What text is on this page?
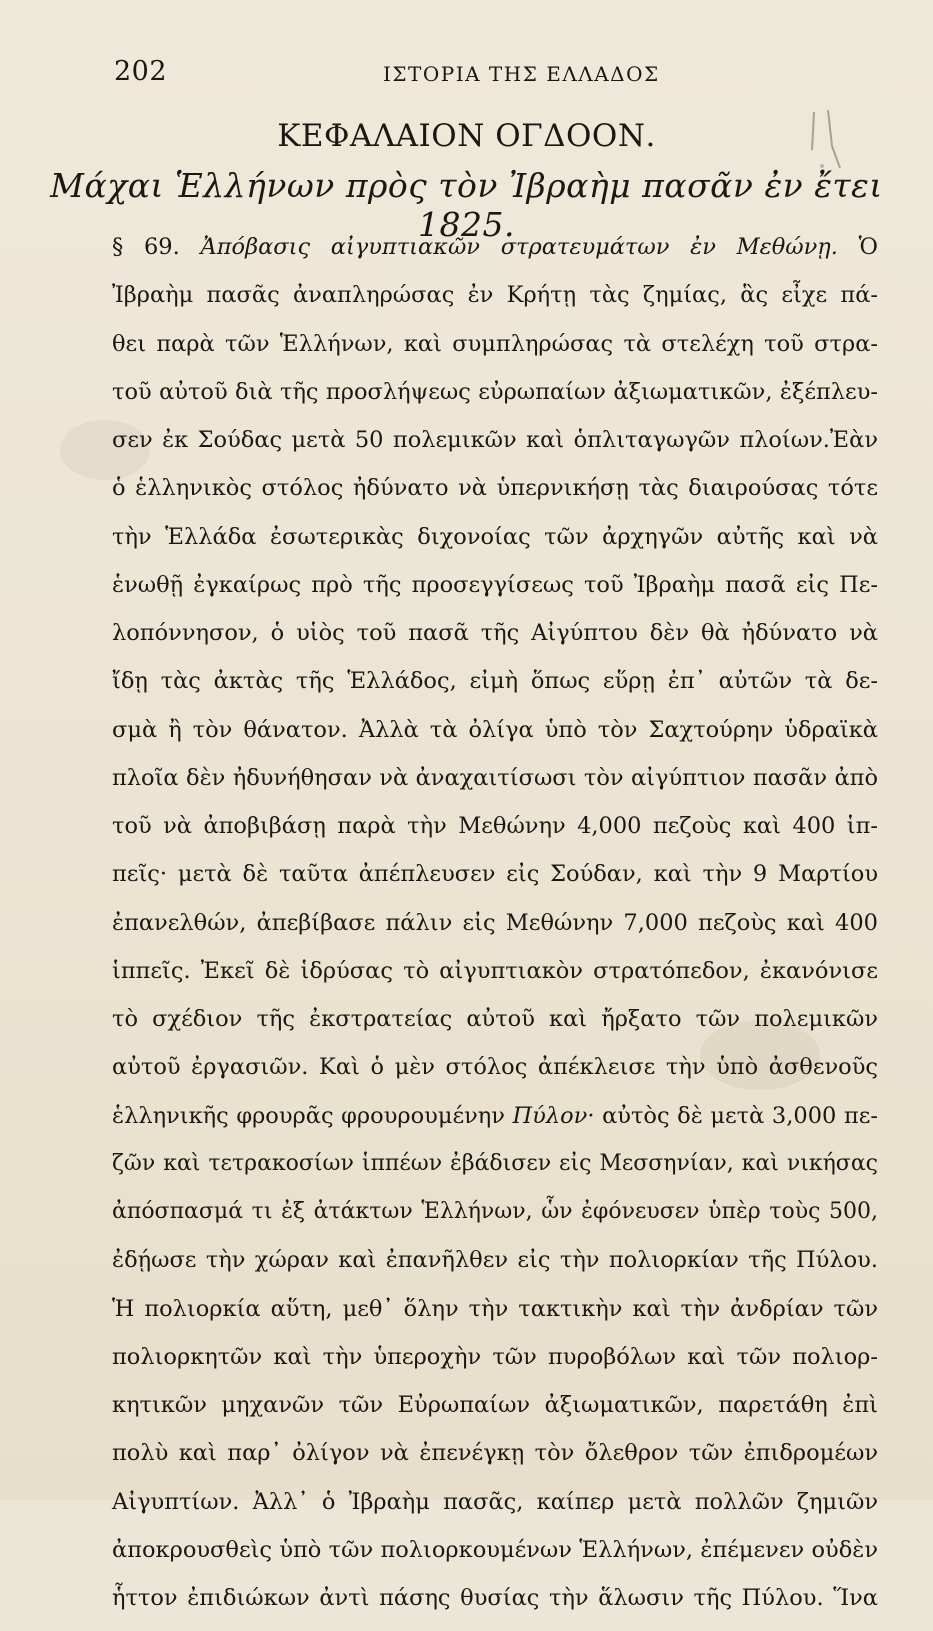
202	ΙΣΤΟΡΙΑ ΤΗΣ ΕΛΛΑΔΟΣ
ΚΕΦΑΛΑΙΟΝ ΟΓΔΟΟΝ.
Μάχαι Ἑλλήνων πρὸς τὸν Ἰβραὴμ πασᾶν ἐν ἔτει 1825.
§ 69. Ἀπόβασις αἰγυπτιακῶν στρατευμάτων ἐν Μεθώνῃ. Ὁ
Ἰβραὴμ πασᾶς ἀναπληρώσας ἐν Κρήτῃ τὰς ζημίας, ἃς εἶχε πά-
θει παρὰ τῶν Ἑλλήνων, καὶ συμπληρώσας τὰ στελέχη τοῦ στρα-
τοῦ αὐτοῦ διὰ τῆς προσλήψεως εὐρωπαίων ἀξιωματικῶν, ἐξέπλευ-
σεν ἐκ Σούδας μετὰ 50 πολεμικῶν καὶ ὁπλιταγωγῶν πλοίων.Ἐὰν
ὁ ἑλληνικὸς στόλος ἠδύνατο νὰ ὑπερνικήσῃ τὰς διαιρούσας τότε
τὴν Ἑλλάδα ἐσωτερικὰς διχονοίας τῶν ἀρχηγῶν αὐτῆς καὶ νὰ
ἑνωθῇ ἐγκαίρως πρὸ τῆς προσεγγίσεως τοῦ Ἰβραὴμ πασᾶ εἰς Πε-
λοπόννησον, ὁ υἱὸς τοῦ πασᾶ τῆς Αἰγύπτου δὲν θὰ ἠδύνατο νὰ
ἴδῃ τὰς ἀκτὰς τῆς Ἑλλάδος, εἰμὴ ὅπως εὕρῃ ἐπ᾽ αὐτῶν τὰ δε-
σμὰ ἢ τὸν θάνατον. Ἀλλὰ τὰ ὀλίγα ὑπὸ τὸν Σαχτούρην ὑδραϊκὰ
πλοῖα δὲν ἠδυνήθησαν νὰ ἀναχαιτίσωσι τὸν αἰγύπτιον πασᾶν ἀπὸ
τοῦ νὰ ἀποβιβάσῃ παρὰ τὴν Μεθώνην 4,000 πεζοὺς καὶ 400 ἱπ-
πεῖς· μετὰ δὲ ταῦτα ἀπέπλευσεν εἰς Σούδαν, καὶ τὴν 9 Μαρτίου
ἐπανελθών, ἀπεβίβασε πάλιν εἰς Μεθώνην 7,000 πεζοὺς καὶ 400
ἱππεῖς. Ἐκεῖ δὲ ἱδρύσας τὸ αἰγυπτιακὸν στρατόπεδον, ἐκανόνισε
τὸ σχέδιον τῆς ἐκστρατείας αὐτοῦ καὶ ἤρξατο τῶν πολεμικῶν
αὐτοῦ ἐργασιῶν. Καὶ ὁ μὲν στόλος ἀπέκλεισε τὴν ὑπὸ ἀσθενοῦς
ἑλληνικῆς φρουρᾶς φρουρουμένην Πύλον· αὐτὸς δὲ μετὰ 3,000 πε-
ζῶν καὶ τετρακοσίων ἱππέων ἐβάδισεν εἰς Μεσσηνίαν, καὶ νικήσας
ἀπόσπασμά τι ἐξ ἀτάκτων Ἑλλήνων, ὧν ἐφόνευσεν ὑπὲρ τοὺς 500,
ἐδῄωσε τὴν χώραν καὶ ἐπανῆλθεν εἰς τὴν πολιορκίαν τῆς Πύλου.
Ἡ πολιορκία αὕτη, μεθ᾽ ὅλην τὴν τακτικὴν καὶ τὴν ἀνδρίαν τῶν
πολιορκητῶν καὶ τὴν ὑπεροχὴν τῶν πυροβόλων καὶ τῶν πολιορ-
κητικῶν μηχανῶν τῶν Εὐρωπαίων ἀξιωματικῶν, παρετάθη ἐπὶ
πολὺ καὶ παρ᾽ ὀλίγον νὰ ἐπενέγκῃ τὸν ὄλεθρον τῶν ἐπιδρομέων
Αἰγυπτίων. Ἀλλ᾽ ὁ Ἰβραὴμ πασᾶς, καίπερ μετὰ πολλῶν ζημιῶν
ἀποκρουσθεὶς ὑπὸ τῶν πολιορκουμένων Ἑλλήνων, ἐπέμενεν οὐδὲν
ἧττον ἐπιδιώκων ἀντὶ πάσης θυσίας τὴν ἅλωσιν τῆς Πύλου. Ἵνα
